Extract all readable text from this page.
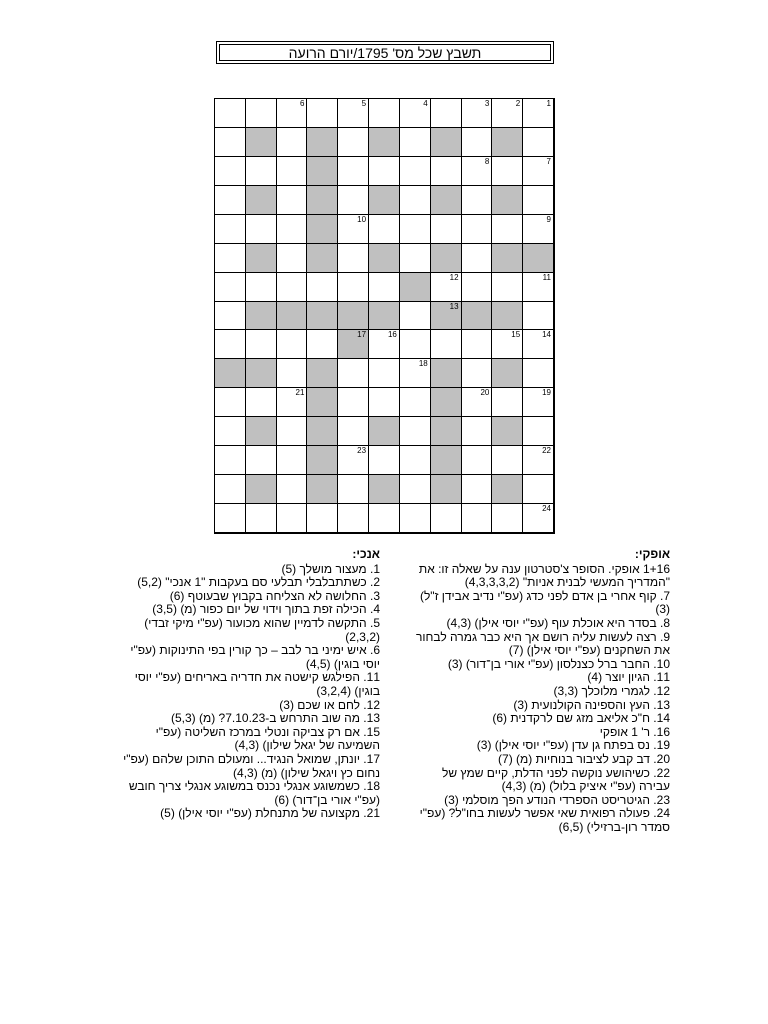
תשבץ שכל מס' 1795/יורם הרועה
1
2
3
4
5
6
7
8
9
10
11
12
13
14
15
16
17
18
19
20
21
22
23
24
אופקי:
1+16 אופקי. הסופר צ'סטרטון ענה על שאלה זו: את "המדריך המעשי לבנית אניות" (4,3,3,3,2)
7. קוף אחרי בן אדם לפני כדג (עפ"י נדיב אבידן ז"ל) (3)
8. בסדר היא אוכלת עוף (עפ"י יוסי אילן) (4,3)
9. רצה לעשות עליה רושם אך היא כבר גמרה לבחור את השחקנים (עפ"י יוסי אילן) (7)
10. החבר ברל כצנלסון (עפ"י אורי בן־דור) (3)
11. הגיון יוצר (4)
12. לגמרי מלוכלך (3,3)
13. העץ והספינה הקולנועית (3)
14. ח"כ אליאב מזג שם לרקדנית (6)
16. ר' 1 אופקי
19. נס בפתח גן עדן (עפ"י יוסי אילן) (3)
20. דב קבע לציבור בנוחיות (מ) (7)
22. כשיהושע נוקשה לפני הדלת, קיים שמץ של עבירה (עפ"י איציק בלול) (מ) (4,3)
23. הגיטריסט הספרדי הנודע הפך מוסלמי (3)
24. פעולה רפואית שאי אפשר לעשות בחו"ל? (עפ"י סמדר רון-ברזילי) (6,5)
אנכי:
1. מעצור מושלך (5)
2. כשתתבלבלי תבלעי סם בעקבות "1 אנכי" (5,2)
3. החלושה לא הצליחה בקבוץ שבעוטף (6)
4. הכילה זפת בתוך וידוי של יום כפור (מ) (3,5)
5. התקשה לדמיין שהוא מכועור (עפ"י מיקי זבדי) (2,3,2)
6. איש ימיני בר לבב – כך קורין בפי התינוקות (עפ"י יוסי בוגין) (4,5)
11. הפילגש קישטה את חדריה באריחים (עפ"י יוסי בוגין) (3,2,4)
12. לחם או שכם (3)
13. מה שוב התרחש ב-7.10.23? (מ) (5,3)
15. אם רק צביקה ונטלי במרכז השליטה (עפ"י השמיעה של יגאל שילון) (4,3)
17. יונתן, שמואל הנגיד... ומעולם התוכן שלהם (עפ"י נחום כץ ויגאל שילון) (מ) (4,3)
18. כשמשוגע אנגלי נכנס במשוגע אנגלי צריך חובש (עפ"י אורי בן־דור) (6)
21. מקצועה של מתנחלת (עפ"י יוסי אילן) (5)
